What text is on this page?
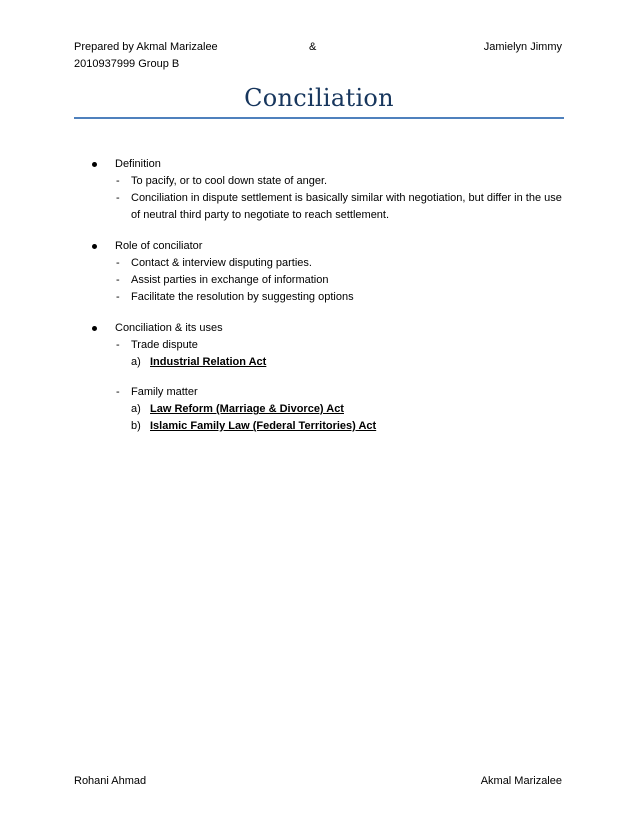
Prepared by Akmal Marizalee	&	Jamielyn Jimmy
2010937999 Group B
Conciliation
Definition
- To pacify, or to cool down state of anger.
- Conciliation in dispute settlement is basically similar with negotiation, but differ in the use
of neutral third party to negotiate to reach settlement.
Role of conciliator
- Contact & interview disputing parties.
- Assist parties in exchange of information
- Facilitate the resolution by suggesting options
Conciliation & its uses
- Trade dispute
a) Industrial Relation Act
- Family matter
a) Law Reform (Marriage & Divorce) Act
b) Islamic Family Law (Federal Territories) Act
Rohani Ahmad	Akmal Marizalee
